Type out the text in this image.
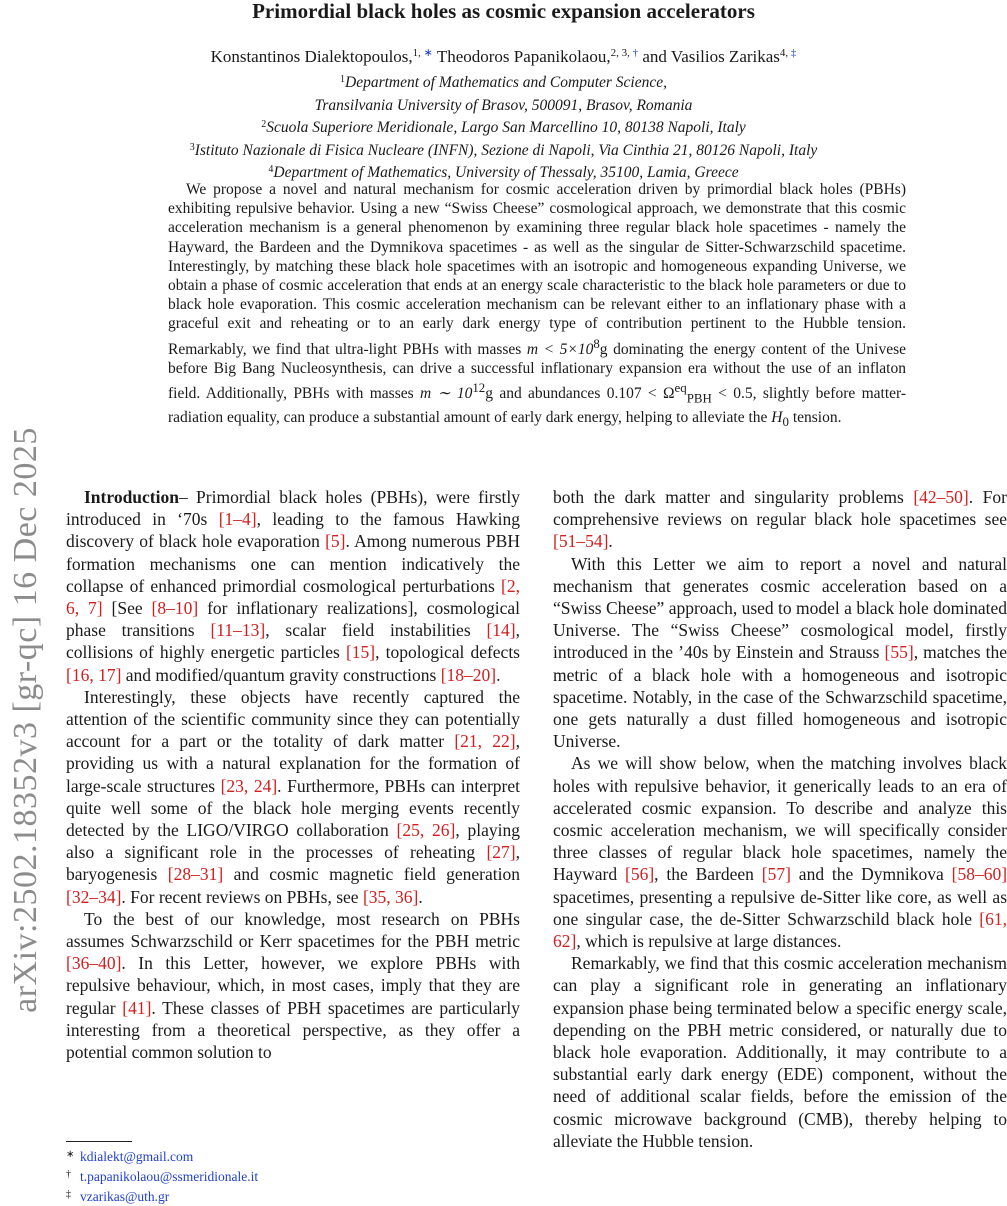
arXiv:2502.18352v3 [gr-qc] 16 Dec 2025
Primordial black holes as cosmic expansion accelerators
Konstantinos Dialektopoulos,$^{1, ∗}$ Theodoros Papanikolaou,$^{2, 3, \dagger}$ and Vasilios Zarikas$^{4, \ddagger}$
$^1$Department of Mathematics and Computer Science,
Transilvania University of Brasov, 500091, Brasov, Romania
$^2$Scuola Superiore Meridionale, Largo San Marcellino 10, 80138 Napoli, Italy
$^3$Istituto Nazionale di Fisica Nucleare (INFN), Sezione di Napoli, Via Cinthia 21, 80126 Napoli, Italy
$^4$Department of Mathematics, University of Thessaly, 35100, Lamia, Greece
We propose a novel and natural mechanism for cosmic acceleration driven by primordial black holes (PBHs) exhibiting repulsive behavior. Using a new “Swiss Cheese” cosmological approach, we demonstrate that this cosmic acceleration mechanism is a general phenomenon by examining three regular black hole spacetimes - namely the Hayward, the Bardeen and the Dymnikova spacetimes - as well as the singular de Sitter-Schwarzschild spacetime. Interestingly, by matching these black hole spacetimes with an isotropic and homogeneous expanding Universe, we obtain a phase of cosmic acceleration that ends at an energy scale characteristic to the black hole parameters or due to black hole evaporation. This cosmic acceleration mechanism can be relevant either to an inflationary phase with a graceful exit and reheating or to an early dark energy type of contribution pertinent to the Hubble tension. Remarkably, we find that ultra-light PBHs with masses $m < 5\times 10^8g$ dominating the energy content of the Univese before Big Bang Nucleosynthesis, can drive a successful inflationary expansion era without the use of an inflaton field. Additionally, PBHs with masses m ∼ $10^{12}g$ and abundances $0.107 < \Omega^{eq}_{PBH} < 0.5$, slightly before matter-radiation equality, can produce a substantial amount of early dark energy, helping to alleviate the $H_0$ tension.

Introduction– Primordial black holes (PBHs), were firstly introduced in ‘70s [1–4], leading to the famous Hawking discovery of black hole evaporation [5]. Among numerous PBH formation mechanisms one can mention indicatively the collapse of enhanced primordial cosmological perturbations [2, 6, 7] [See [8–10] for inflationary realizations], cosmological phase transitions [11–13], scalar field instabilities [14], collisions of highly energetic particles [15], topological defects [16, 17] and modified/quantum gravity constructions [18–20].

Interestingly, these objects have recently captured the attention of the scientific community since they can potentially account for a part or the totality of dark matter [21, 22], providing us with a natural explanation for the formation of large-scale structures [23, 24]. Furthermore, PBHs can interpret quite well some of the black hole merging events recently detected by the LIGO/VIRGO collaboration [25, 26], playing also a significant role in the processes of reheating [27], baryogenesis [28–31] and cosmic magnetic field generation [32–34]. For recent reviews on PBHs, see [35, 36].

To the best of our knowledge, most research on PBHs assumes Schwarzschild or Kerr spacetimes for the PBH metric [36–40]. In this Letter, however, we explore PBHs with repulsive behaviour, which, in most cases, imply that they are regular [41]. These classes of PBH spacetimes are particularly interesting from a theoretical perspective, as they offer a potential common solution to

both the dark matter and singularity problems [42–50]. For comprehensive reviews on regular black hole spacetimes see [51–54].

With this Letter we aim to report a novel and natural mechanism that generates cosmic acceleration based on a “Swiss Cheese” approach, used to model a black hole dominated Universe. The “Swiss Cheese” cosmological model, firstly introduced in the ’40s by Einstein and Strauss [55], matches the metric of a black hole with a homogeneous and isotropic spacetime. Notably, in the case of the Schwarzschild spacetime, one gets naturally a dust filled homogeneous and isotropic Universe.

As we will show below, when the matching involves black holes with repulsive behavior, it generically leads to an era of accelerated cosmic expansion. To describe and analyze this cosmic acceleration mechanism, we will specifically consider three classes of regular black hole spacetimes, namely the Hayward [56], the Bardeen [57] and the Dymnikova [58–60] spacetimes, presenting a repulsive de-Sitter like core, as well as one singular case, the de-Sitter Schwarzschild black hole [61, 62], which is repulsive at large distances.

Remarkably, we find that this cosmic acceleration mechanism can play a significant role in generating an inflationary expansion phase being terminated below a specific energy scale, depending on the PBH metric considered, or naturally due to black hole evaporation. Additionally, it may contribute to a substantial early dark energy (EDE) component, without the need of additional scalar fields, before the emission of the cosmic microwave background (CMB), thereby helping to alleviate the Hubble tension.

∗ kdialekt@gmail.com
† t.papanikolaou@ssmeridionale.it
‡ vzarikas@uth.gr
